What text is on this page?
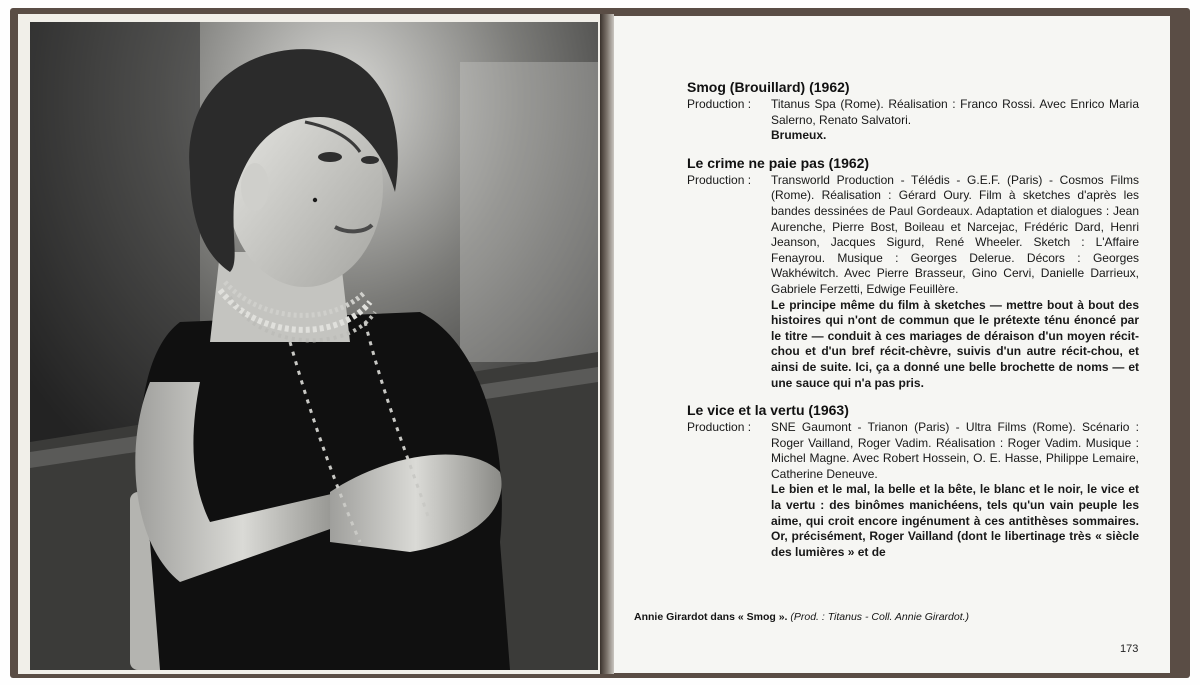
Smog (Brouillard) (1962)
Production :	Titanus Spa (Rome). Réalisation : Franco Rossi. Avec Enrico Maria Salerno, Renato Salvatori.
Brumeux.
Le crime ne paie pas (1962)
Production :	Transworld Production - Télédis - G.E.F. (Paris) - Cosmos Films (Rome). Réalisation : Gérard Oury. Film à sketches d'après les bandes dessinées de Paul Gordeaux. Adaptation et dialogues : Jean Aurenche, Pierre Bost, Boileau et Narcejac, Frédéric Dard, Henri Jeanson, Jacques Sigurd, René Wheeler. Sketch : L'Affaire Fenayrou. Musique : Georges Delerue. Décors : Georges Wakhéwitch. Avec Pierre Brasseur, Gino Cervi, Danielle Darrieux, Gabriele Ferzetti, Edwige Feuillère.
Le principe même du film à sketches — mettre bout à bout des histoires qui n'ont de commun que le prétexte ténu énoncé par le titre — conduit à ces mariages de déraison d'un moyen récit-chou et d'un bref récit-chèvre, suivis d'un autre récit-chou, et ainsi de suite. Ici, ça a donné une belle brochette de noms — et une sauce qui n'a pas pris.
Le vice et la vertu (1963)
Production :	SNE Gaumont - Trianon (Paris) - Ultra Films (Rome). Scénario : Roger Vailland, Roger Vadim. Réalisation : Roger Vadim. Musique : Michel Magne. Avec Robert Hossein, O. E. Hasse, Philippe Lemaire, Catherine Deneuve.
Le bien et le mal, la belle et la bête, le blanc et le noir, le vice et la vertu : des binômes manichéens, tels qu'un vain peuple les aime, qui croit encore ingénument à ces antithèses sommaires. Or, précisément, Roger Vailland (dont le libertinage très « siècle des lumières » et de
Annie Girardot dans « Smog ». (Prod. : Titanus - Coll. Annie Girardot.)
173
